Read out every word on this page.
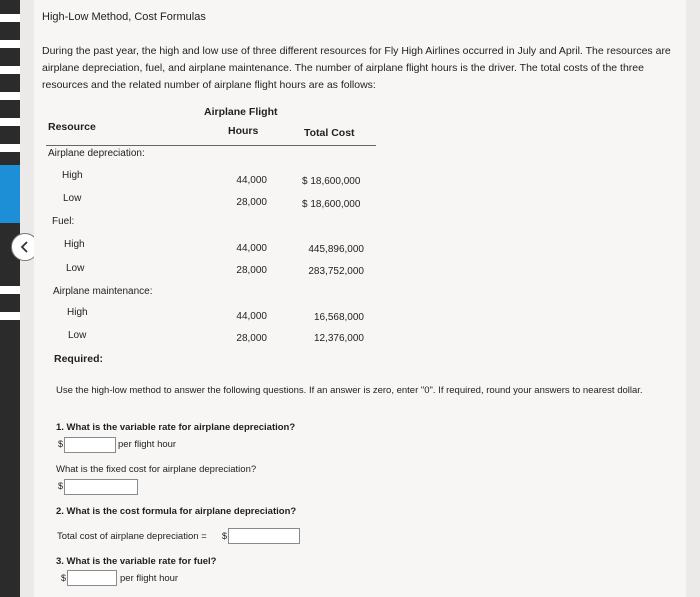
High-Low Method, Cost Formulas
During the past year, the high and low use of three different resources for Fly High Airlines occurred in July and April. The resources are airplane depreciation, fuel, and airplane maintenance. The number of airplane flight hours is the driver. The total costs of the three resources and the related number of airplane flight hours are as follows:
Resource
Airplane Flight
Hours	Total Cost
Airplane depreciation:
High	44,000	$ 18,600,000
Low	28,000	$ 18,600,000
Fuel:
High	44,000	445,896,000
Low	28,000	283,752,000
Airplane maintenance:
High	44,000	16,568,000
Low	28,000	12,376,000
Required:
Use the high-low method to answer the following questions. If an answer is zero, enter "0". If required, round your answers to nearest dollar.
1. What is the variable rate for airplane depreciation?
$	per flight hour
What is the fixed cost for airplane depreciation?
$
2. What is the cost formula for airplane depreciation?
Total cost of airplane depreciation = $
3. What is the variable rate for fuel?
$	per flight hour
